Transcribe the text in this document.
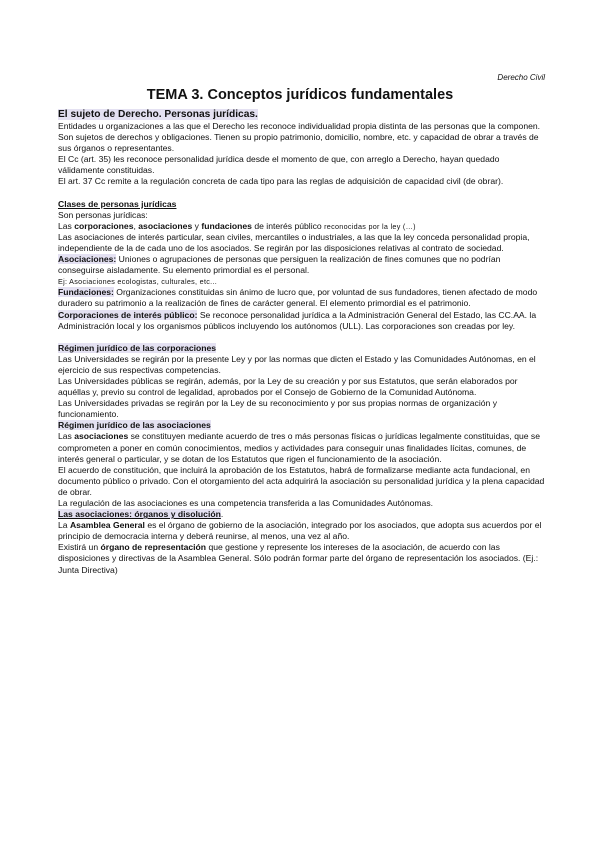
Derecho Civil
TEMA 3. Conceptos jurídicos fundamentales

El sujeto de Derecho. Personas jurídicas.

Entidades u organizaciones a las que el Derecho les reconoce individualidad propia distinta de las personas que la componen. Son sujetos de derechos y obligaciones. Tienen su propio patrimonio, domicilio, nombre, etc. y capacidad de obrar a través de sus órganos o representantes.

El Cc (art. 35) les reconoce personalidad jurídica desde el momento de que, con arreglo a Derecho, hayan quedado válidamente constituidas.

El art. 37 Cc remite a la regulación concreta de cada tipo para las reglas de adquisición de capacidad civil (de obrar).

Clases de personas jurídicas

Son personas jurídicas:

Las corporaciones, asociaciones y fundaciones de interés público reconocidas por la ley (…)

Las asociaciones de interés particular, sean civiles, mercantiles o industriales, a las que la ley conceda personalidad propia, independiente de la de cada uno de los asociados. Se regirán por las disposiciones relativas al contrato de sociedad.

Asociaciones: Uniones o agrupaciones de personas que persiguen la realización de fines comunes que no podrían conseguirse aisladamente. Su elemento primordial es el personal.

Ej: Asociaciones ecologistas, culturales, etc...

Fundaciones: Organizaciones constituidas sin ánimo de lucro que, por voluntad de sus fundadores, tienen afectado de modo duradero su patrimonio a la realización de fines de carácter general. El elemento primordial es el patrimonio.

Corporaciones de interés público: Se reconoce personalidad jurídica a la Administración General del Estado, las CC.AA. la Administración local y los organismos públicos incluyendo los autónomos (ULL). Las corporaciones son creadas por ley.

Régimen jurídico de las corporaciones

Las Universidades se regirán por la presente Ley y por las normas que dicten el Estado y las Comunidades Autónomas, en el ejercicio de sus respectivas competencias.

Las Universidades públicas se regirán, además, por la Ley de su creación y por sus Estatutos, que serán elaborados por aquéllas y, previo su control de legalidad, aprobados por el Consejo de Gobierno de la Comunidad Autónoma.

Las Universidades privadas se regirán por la Ley de su reconocimiento y por sus propias normas de organización y funcionamiento.

Régimen jurídico de las asociaciones

Las asociaciones se constituyen mediante acuerdo de tres o más personas físicas o jurídicas legalmente constituidas, que se comprometen a poner en común conocimientos, medios y actividades para conseguir unas finalidades lícitas, comunes, de interés general o particular, y se dotan de los Estatutos que rigen el funcionamiento de la asociación.

El acuerdo de constitución, que incluirá la aprobación de los Estatutos, habrá de formalizarse mediante acta fundacional, en documento público o privado. Con el otorgamiento del acta adquirirá la asociación su personalidad jurídica y la plena capacidad de obrar.

La regulación de las asociaciones es una competencia transferida a las Comunidades Autónomas.

Las asociaciones: órganos y disolución.

La Asamblea General es el órgano de gobierno de la asociación, integrado por los asociados, que adopta sus acuerdos por el principio de democracia interna y deberá reunirse, al menos, una vez al año.

Existirá un órgano de representación que gestione y represente los intereses de la asociación, de acuerdo con las disposiciones y directivas de la Asamblea General. Sólo podrán formar parte del órgano de representación los asociados. (Ej.: Junta Directiva)
